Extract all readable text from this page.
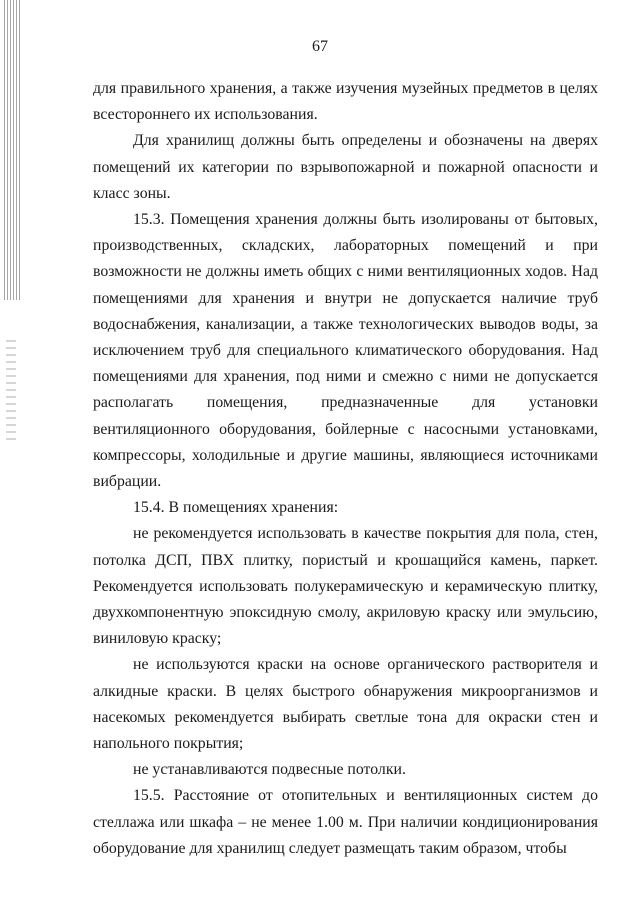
67

для правильного хранения, а также изучения музейных предметов в целях всестороннего их использования.

Для хранилищ должны быть определены и обозначены на дверях помещений их категории по взрывопожарной и пожарной опасности и класс зоны.

15.3. Помещения хранения должны быть изолированы от бытовых, производственных, складских, лабораторных помещений и при возможности не должны иметь общих с ними вентиляционных ходов. Над помещениями для хранения и внутри не допускается наличие труб водоснабжения, канализации, а также технологических выводов воды, за исключением труб для специального климатического оборудования. Над помещениями для хранения, под ними и смежно с ними не допускается располагать помещения, предназначенные для установки вентиляционного оборудования, бойлерные с насосными установками, компрессоры, холодильные и другие машины, являющиеся источниками вибрации.

15.4. В помещениях хранения:

не рекомендуется использовать в качестве покрытия для пола, стен, потолка ДСП, ПВХ плитку, пористый и крошащийся камень, паркет. Рекомендуется использовать полукерамическую и керамическую плитку, двухкомпонентную эпоксидную смолу, акриловую краску или эмульсию, виниловую краску;

не используются краски на основе органического растворителя и алкидные краски. В целях быстрого обнаружения микроорганизмов и насекомых рекомендуется выбирать светлые тона для окраски стен и напольного покрытия;

не устанавливаются подвесные потолки.

15.5. Расстояние от отопительных и вентиляционных систем до стеллажа или шкафа – не менее 1.00 м. При наличии кондиционирования оборудование для хранилищ следует размещать таким образом, чтобы
